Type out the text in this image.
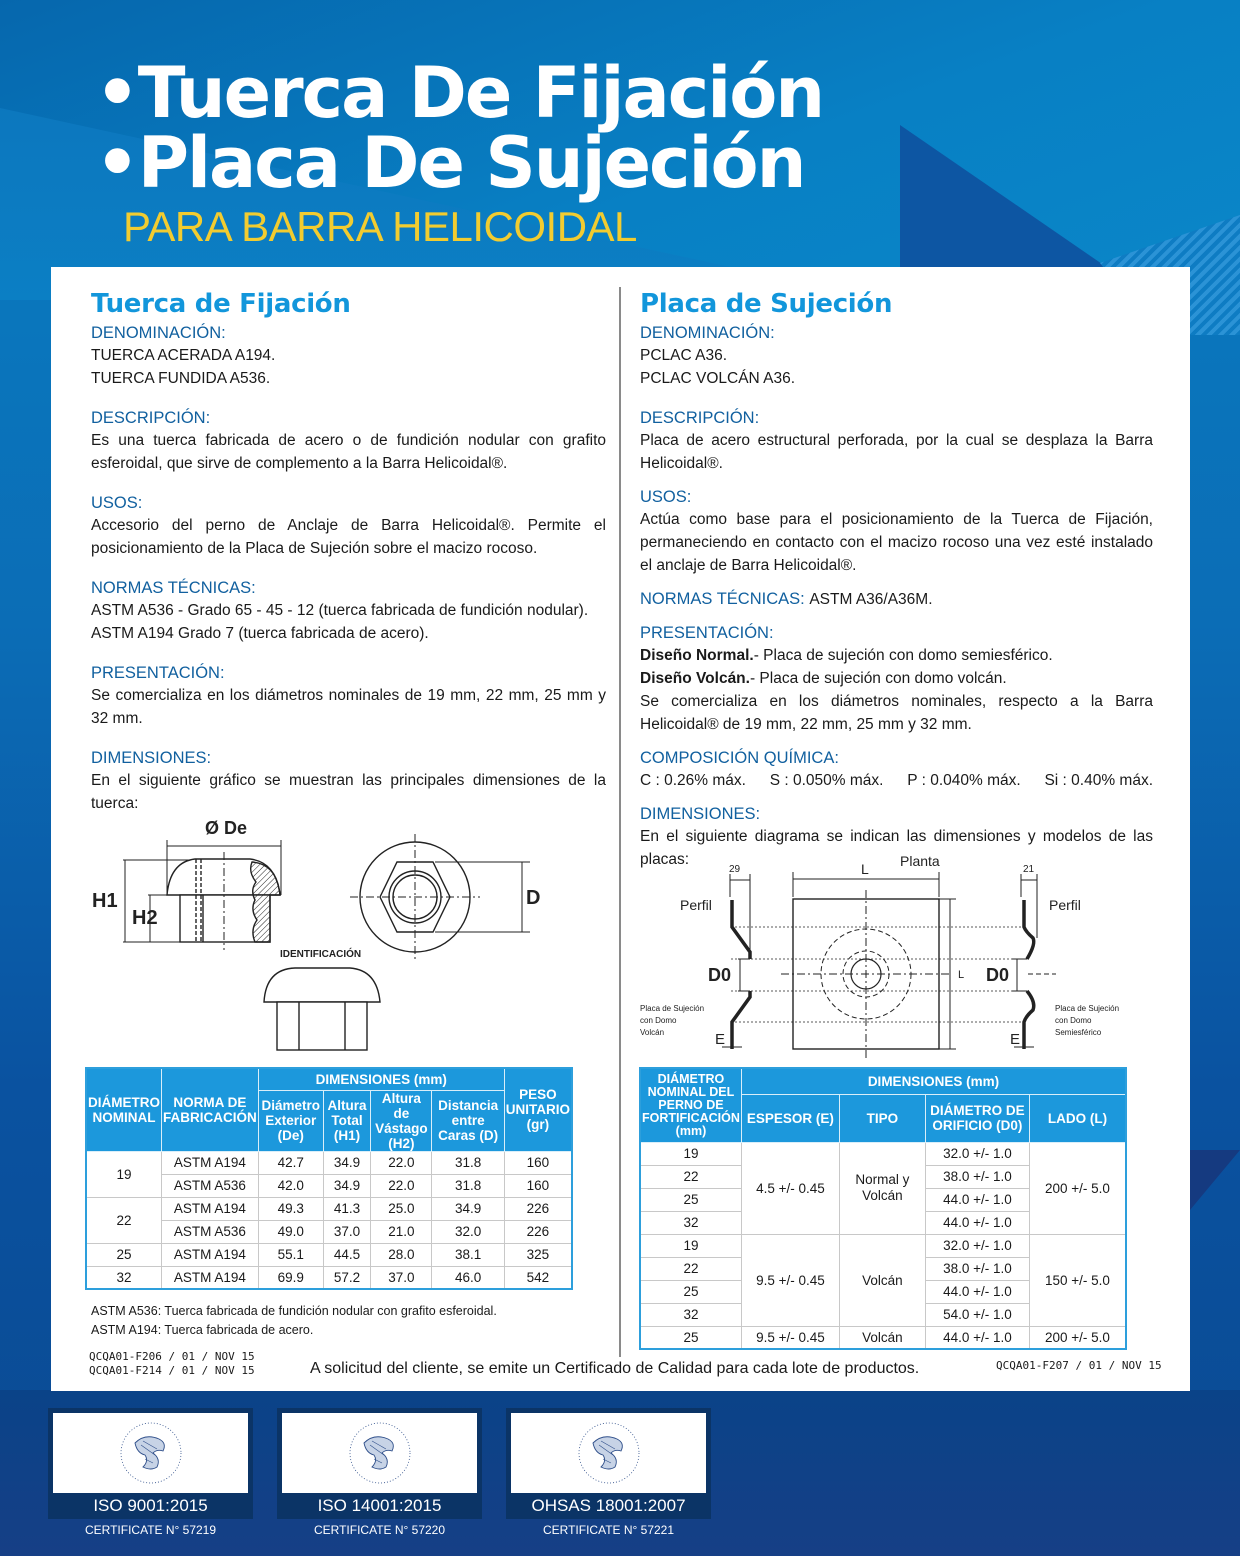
•Tuerca De Fijación
•Placa De Sujeción
PARA BARRA HELICOIDAL
Tuerca de Fijación
DENOMINACIÓN:
TUERCA ACERADA A194.
TUERCA FUNDIDA A536.
DESCRIPCIÓN:
Es una tuerca fabricada de acero o de fundición nodular con grafito esferoidal, que sirve de complemento a la Barra Helicoidal®.
USOS:
Accesorio del perno de Anclaje de Barra Helicoidal®. Permite el posicionamiento de la Placa de Sujeción sobre el macizo rocoso.
NORMAS TÉCNICAS:
ASTM A536 - Grado 65 - 45 - 12 (tuerca fabricada de fundición nodular).
ASTM A194 Grado 7 (tuerca fabricada de acero).
PRESENTACIÓN:
Se comercializa en los diámetros nominales de 19 mm, 22 mm, 25 mm y 32 mm.
DIMENSIONES:
En el siguiente gráfico se muestran las principales dimensiones de la tuerca:
Ø De
H1
H2
D
IDENTIFICACIÓN
DIÁMETRO NOMINAL	NORMA DE FABRICACIÓN	DIMENSIONES (mm)				PESO UNITARIO (gr)
		Diámetro Exterior (De)	Altura Total (H1)	Altura de Vástago (H2)	Distancia entre Caras (D)	
19	ASTM A194	42.7	34.9	22.0	31.8	160
	ASTM A536	42.0	34.9	22.0	31.8	160
22	ASTM A194	49.3	41.3	25.0	34.9	226
	ASTM A536	49.0	37.0	21.0	32.0	226
25	ASTM A194	55.1	44.5	28.0	38.1	325
32	ASTM A194	69.9	57.2	37.0	46.0	542
ASTM A536: Tuerca fabricada de fundición nodular con grafito esferoidal.
ASTM A194: Tuerca fabricada de acero.
QCQA01-F206 / 01 / NOV 15
QCQA01-F214 / 01 / NOV 15
Placa de Sujeción
DENOMINACIÓN:
PCLAC A36.
PCLAC VOLCÁN A36.
DESCRIPCIÓN:
Placa de acero estructural perforada, por la cual se desplaza la Barra Helicoidal®.
USOS:
Actúa como base para el posicionamiento de la Tuerca de Fijación, permaneciendo en contacto con el macizo rocoso una vez esté instalado el anclaje de Barra Helicoidal®.
NORMAS TÉCNICAS: ASTM A36/A36M.
PRESENTACIÓN:
Diseño Normal.- Placa de sujeción con domo semiesférico.
Diseño Volcán.- Placa de sujeción con domo volcán.
Se comercializa en los diámetros nominales, respecto a la Barra Helicoidal® de 19 mm, 22 mm, 25 mm y 32 mm.
COMPOSICIÓN QUÍMICA:
C : 0.26% máx. S : 0.050% máx. P : 0.040% máx. Si : 0.40% máx.
DIMENSIONES:
En el siguiente diagrama se indican las dimensiones y modelos de las placas:	Planta
L
L
Perfil	Perfil
29	21
D0	D0
E	E
Placa de Sujeción
con Domo
Volcán
Placa de Sujeción
con Domo
Semiesférico
DIÁMETRO NOMINAL DEL PERNO DE FORTIFICACIÓN (mm)	DIMENSIONES (mm)			
	ESPESOR (E)	TIPO	DIÁMETRO DE ORIFICIO (D0)	LADO (L)
19	4.5 +/- 0.45	Normal y Volcán	32.0 +/- 1.0	200 +/- 5.0
22			38.0 +/- 1.0	
25			44.0 +/- 1.0	
32			44.0 +/- 1.0	
19	9.5 +/- 0.45	Volcán	32.0 +/- 1.0	150 +/- 5.0
22			38.0 +/- 1.0	
25			44.0 +/- 1.0	
32			54.0 +/- 1.0	
25	9.5 +/- 0.45	Volcán	44.0 +/- 1.0	200 +/- 5.0
QCQA01-F207 / 01 / NOV 15
A solicitud del cliente, se emite un Certificado de Calidad para cada lote de productos.
ISO 9001:2015
CERTIFICATE N° 57219
ISO 14001:2015
CERTIFICATE N° 57220
OHSAS 18001:2007
CERTIFICATE N° 57221
